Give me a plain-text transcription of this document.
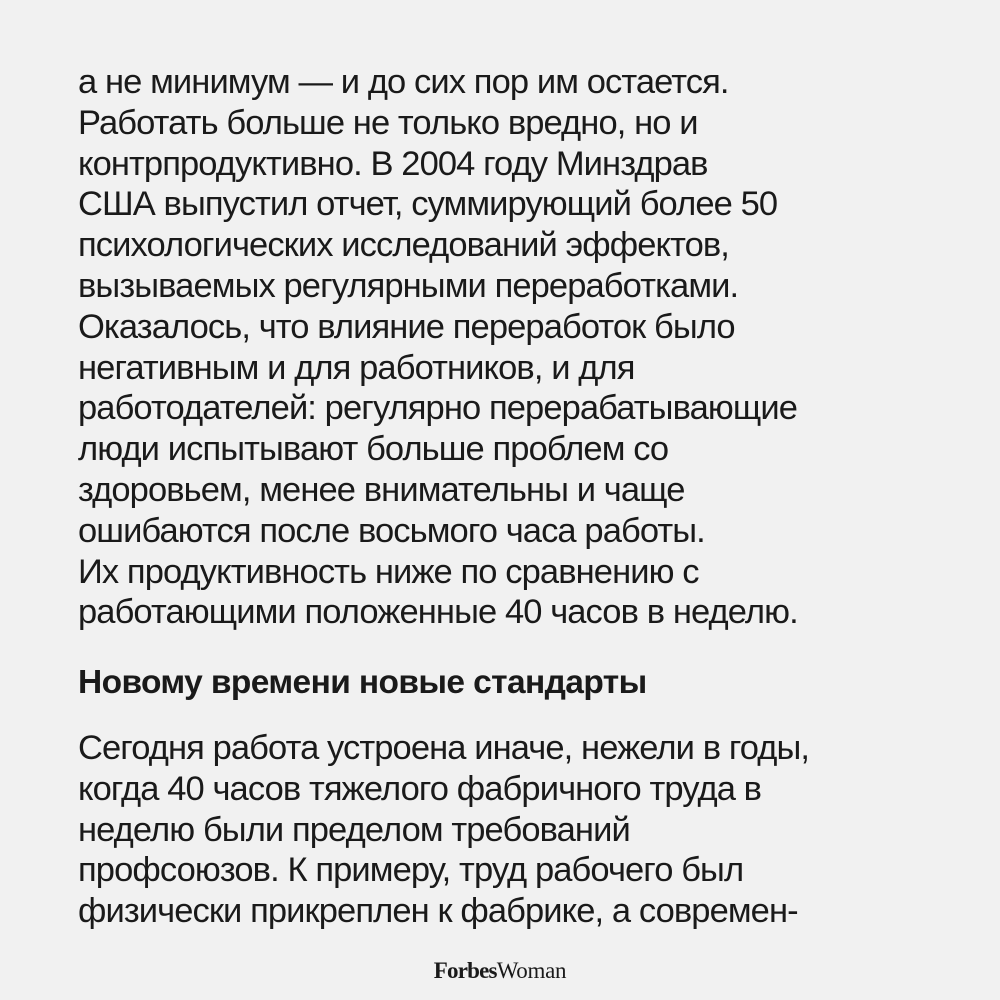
а не минимум — и до сих пор им остается.
Работать больше не только вредно, но и
контрпродуктивно. В 2004 году Минздрав
США выпустил отчет, суммирующий более 50
психологических исследований эффектов,
вызываемых регулярными переработками.
Оказалось, что влияние переработок было
негативным и для работников, и для
работодателей: регулярно перерабатывающие
люди испытывают больше проблем со
здоровьем, менее внимательны и чаще
ошибаются после восьмого часа работы.
Их продуктивность ниже по сравнению с
работающими положенные 40 часов в неделю.

Новому времени новые стандарты

Сегодня работа устроена иначе, нежели в годы,
когда 40 часов тяжелого фабричного труда в
неделю были пределом требований
профсоюзов. К примеру, труд рабочего был
физически прикреплен к фабрике, а современ-

ForbesWoman
